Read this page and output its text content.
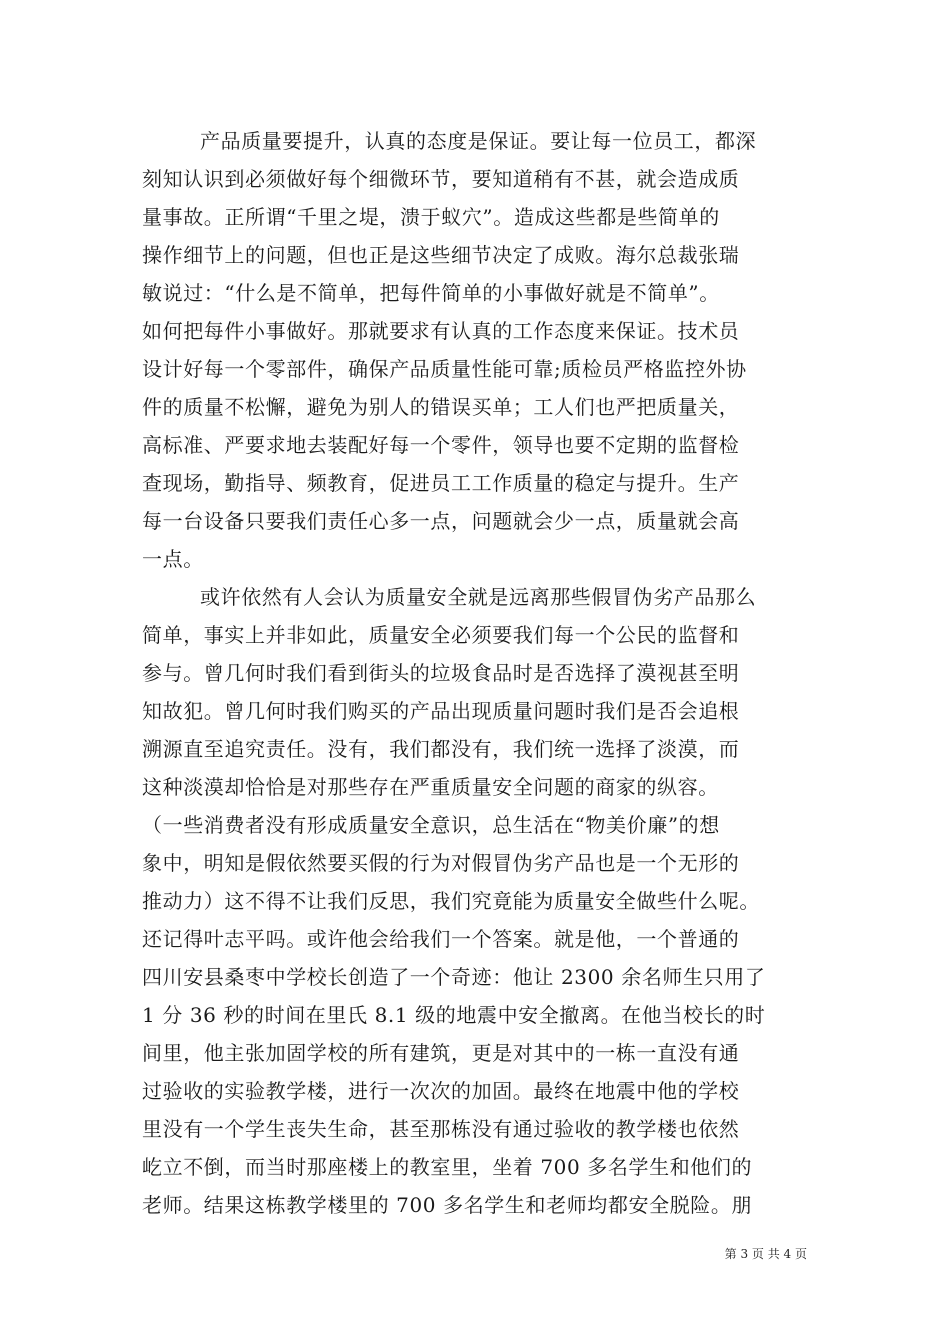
产品质量要提升，认真的态度是保证。要让每一位员工，都深
刻知认识到必须做好每个细微环节，要知道稍有不甚，就会造成质
量事故。正所谓“千里之堤，溃于蚁穴”。造成这些都是些简单的
操作细节上的问题，但也正是这些细节决定了成败。海尔总裁张瑞
敏说过：“什么是不简单，把每件简单的小事做好就是不简单”。
如何把每件小事做好。那就要求有认真的工作态度来保证。技术员
设计好每一个零部件，确保产品质量性能可靠;质检员严格监控外协
件的质量不松懈，避免为别人的错误买单；工人们也严把质量关，
高标准、严要求地去装配好每一个零件，领导也要不定期的监督检
查现场，勤指导、频教育，促进员工工作质量的稳定与提升。生产
每一台设备只要我们责任心多一点，问题就会少一点，质量就会高
一点。
或许依然有人会认为质量安全就是远离那些假冒伪劣产品那么
简单，事实上并非如此，质量安全必须要我们每一个公民的监督和
参与。曾几何时我们看到街头的垃圾食品时是否选择了漠视甚至明
知故犯。曾几何时我们购买的产品出现质量问题时我们是否会追根
溯源直至追究责任。没有，我们都没有，我们统一选择了淡漠，而
这种淡漠却恰恰是对那些存在严重质量安全问题的商家的纵容。
（一些消费者没有形成质量安全意识，总生活在“物美价廉”的想
象中，明知是假依然要买假的行为对假冒伪劣产品也是一个无形的
推动力）这不得不让我们反思，我们究竟能为质量安全做些什么呢。
还记得叶志平吗。或许他会给我们一个答案。就是他，一个普通的
四川安县桑枣中学校长创造了一个奇迹：他让 2300 余名师生只用了
1 分 36 秒的时间在里氏 8.1 级的地震中安全撤离。在他当校长的时
间里，他主张加固学校的所有建筑，更是对其中的一栋一直没有通
过验收的实验教学楼，进行一次次的加固。最终在地震中他的学校
里没有一个学生丧失生命，甚至那栋没有通过验收的教学楼也依然
屹立不倒，而当时那座楼上的教室里，坐着 700 多名学生和他们的
老师。结果这栋教学楼里的 700 多名学生和老师均都安全脱险。朋
第 3 页 共 4 页
